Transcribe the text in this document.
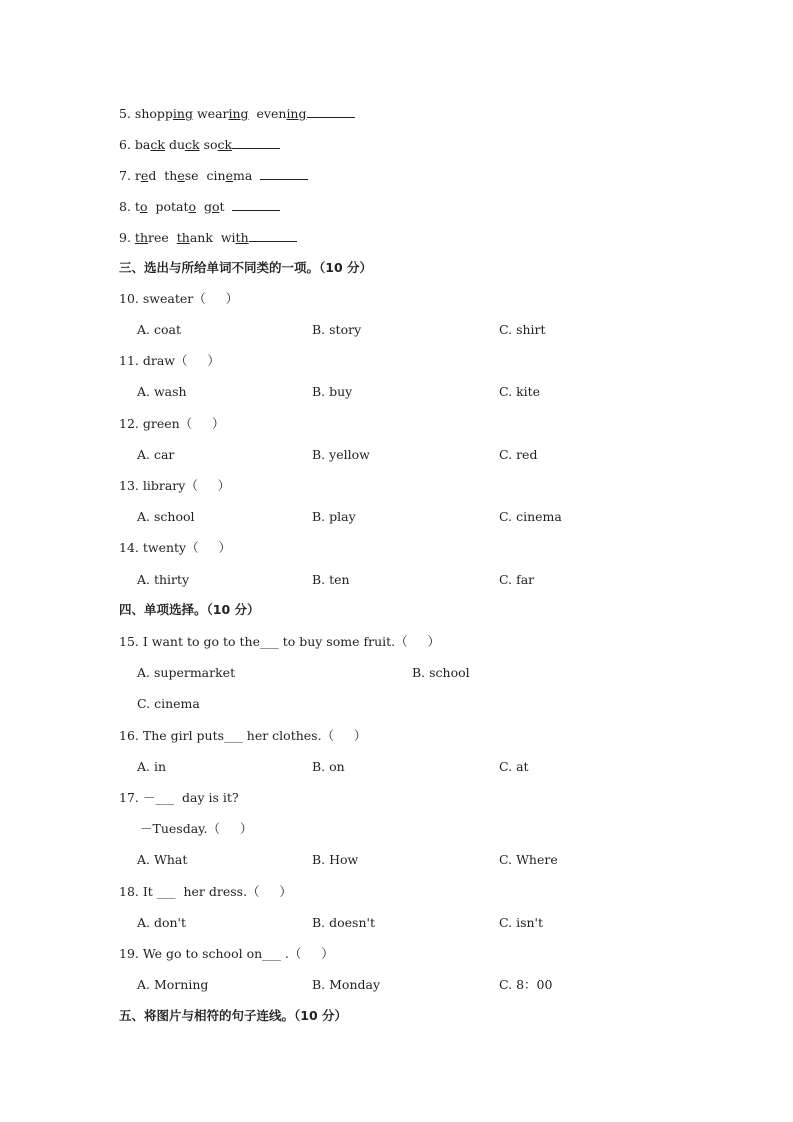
5. shopping wearing evening
6. back duck sock
7. red these cinema
8. to potato got
9. three thank with
三、选出与所给单词不同类的一项。（10 分）
10. sweater（     ）
A. coat	B. story	C. shirt
11. draw（     ）
A. wash	B. buy	C. kite
12. green（     ）
A. car	B. yellow	C. red
13. library（     ）
A. school	B. play	C. cinema
14. twenty（     ）
A. thirty	B. ten	C. far
四、单项选择。（10 分）
15. I want to go to the___ to buy some fruit.（     ）
A. supermarket	B. school
C. cinema
16. The girl puts___ her clothes.（     ）
A. in	B. on	C. at
17. －___  day is it?
－Tuesday.（     ）
A. What	B. How	C. Where
18. It ___  her dress.（     ）
A. don't	B. doesn't	C. isn't
19. We go to school on___ .（     ）
A. Morning	B. Monday	C. 8：00
五、将图片与相符的句子连线。（10 分）
